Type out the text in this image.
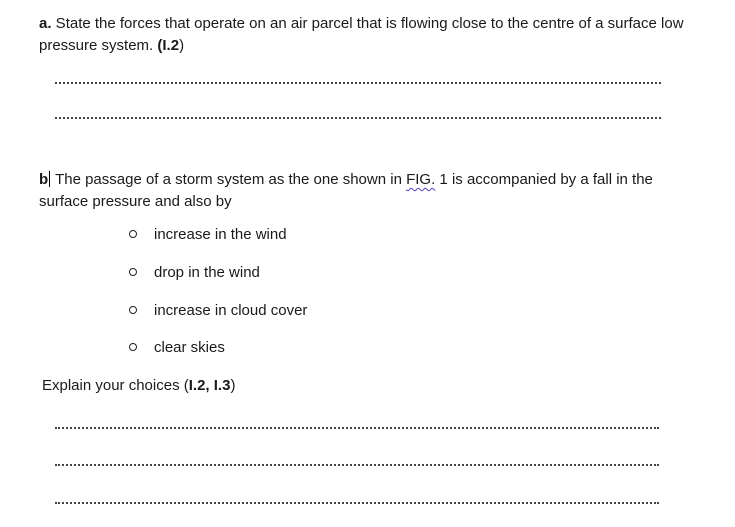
a. State the forces that operate on an air parcel that is flowing close to the centre of a surface low pressure system. (I.2)
b The passage of a storm system as the one shown in FIG. 1 is accompanied by a fall in the surface pressure and also by
increase in the wind
drop in the wind
increase in cloud cover
clear skies
Explain your choices (I.2, I.3)
